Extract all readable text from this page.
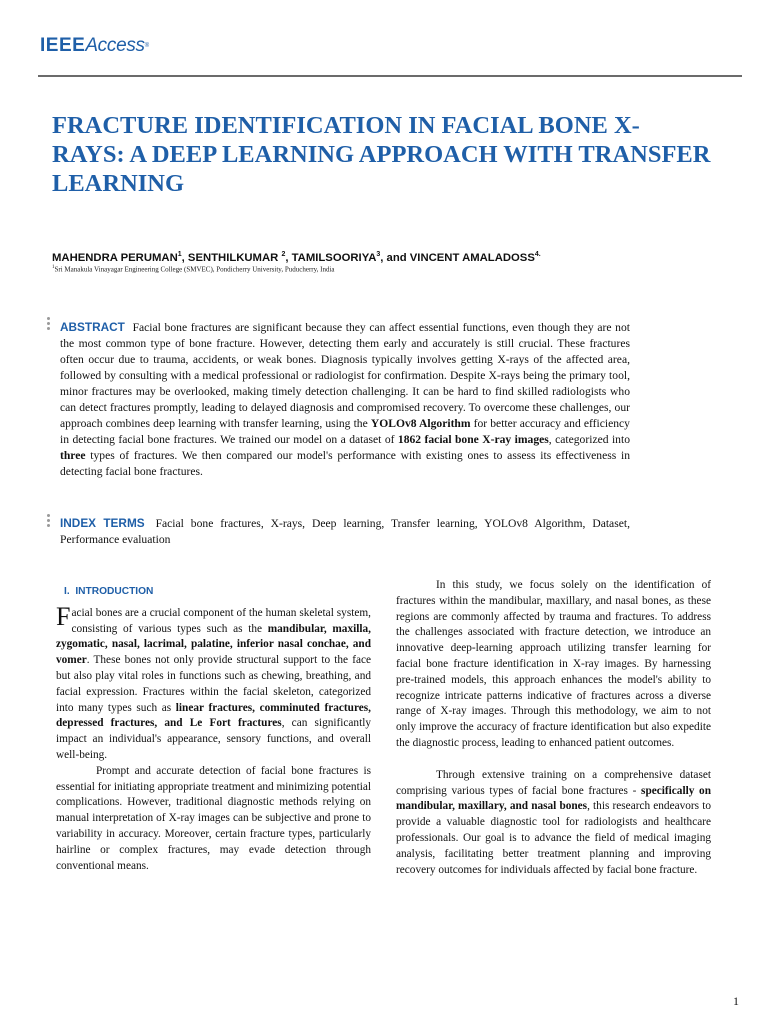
IEEEAccess®
FRACTURE IDENTIFICATION IN FACIAL BONE X-RAYS: A DEEP LEARNING APPROACH WITH TRANSFER LEARNING
MAHENDRA PERUMAN$^1$, SENTHILKUMAR $^2$, TAMILSOORIYA$^3$, and VINCENT $AMALADOSS^{4.}$
$^1$Sri Manakula Vinayagar Engineering College (SMVEC), Pondicherry University, Puducherry, India
ABSTRACT Facial bone fractures are significant because they can affect essential functions, even though they are not the most common type of bone fracture. However, detecting them early and accurately is still crucial. These fractures often occur due to trauma, accidents, or weak bones. Diagnosis typically involves getting X-rays of the affected area, followed by consulting with a medical professional or radiologist for confirmation. Despite X-rays being the primary tool, minor fractures may be overlooked, making timely detection challenging. It can be hard to find skilled radiologists who can detect fractures promptly, leading to delayed diagnosis and compromised recovery. To overcome these challenges, our approach combines deep learning with transfer learning, using the YOLOv8 Algorithm for better accuracy and efficiency in detecting facial bone fractures. We trained our model on a dataset of 1862 facial bone X-ray images, categorized into three types of fractures. We then compared our model's performance with existing ones to assess its effectiveness in detecting facial bone fractures.
INDEX TERMS Facial bone fractures, X-rays, Deep learning, Transfer learning, YOLOv8 Algorithm, Dataset, Performance evaluation
I.  INTRODUCTION

Facial bones are a crucial component of the human skeletal system, consisting of various types such as the mandibular, maxilla, zygomatic, nasal, lacrimal, palatine, inferior nasal conchae, and vomer. These bones not only provide structural support to the face but also play vital roles in functions such as chewing, breathing, and facial expression. Fractures within the facial skeleton, categorized into many types such as linear fractures, comminuted fractures, depressed fractures, and Le Fort fractures, can significantly impact an individual's appearance, sensory functions, and overall well-being.

Prompt and accurate detection of facial bone fractures is essential for initiating appropriate treatment and minimizing potential complications. However, traditional diagnostic methods relying on manual interpretation of X-ray images can be subjective and prone to variability in accuracy. Moreover, certain fracture types, particularly hairline or complex fractures, may evade detection through conventional means.

In this study, we focus solely on the identification of fractures within the mandibular, maxillary, and nasal bones, as these regions are commonly affected by trauma and fractures. To address the challenges associated with fracture detection, we introduce an innovative deep-learning approach utilizing transfer learning for facial bone fracture identification in X-ray images. By harnessing pre-trained models, this approach enhances the model's ability to recognize intricate patterns indicative of fractures across a diverse range of X-ray images. Through this methodology, we aim to not only improve the accuracy of fracture identification but also expedite the diagnostic process, leading to enhanced patient outcomes.

Through extensive training on a comprehensive dataset comprising various types of facial bone fractures - specifically on mandibular, maxillary, and nasal bones, this research endeavors to provide a valuable diagnostic tool for radiologists and healthcare professionals. Our goal is to advance the field of medical imaging analysis, facilitating better treatment planning and improving recovery outcomes for individuals affected by facial bone fracture.

1
